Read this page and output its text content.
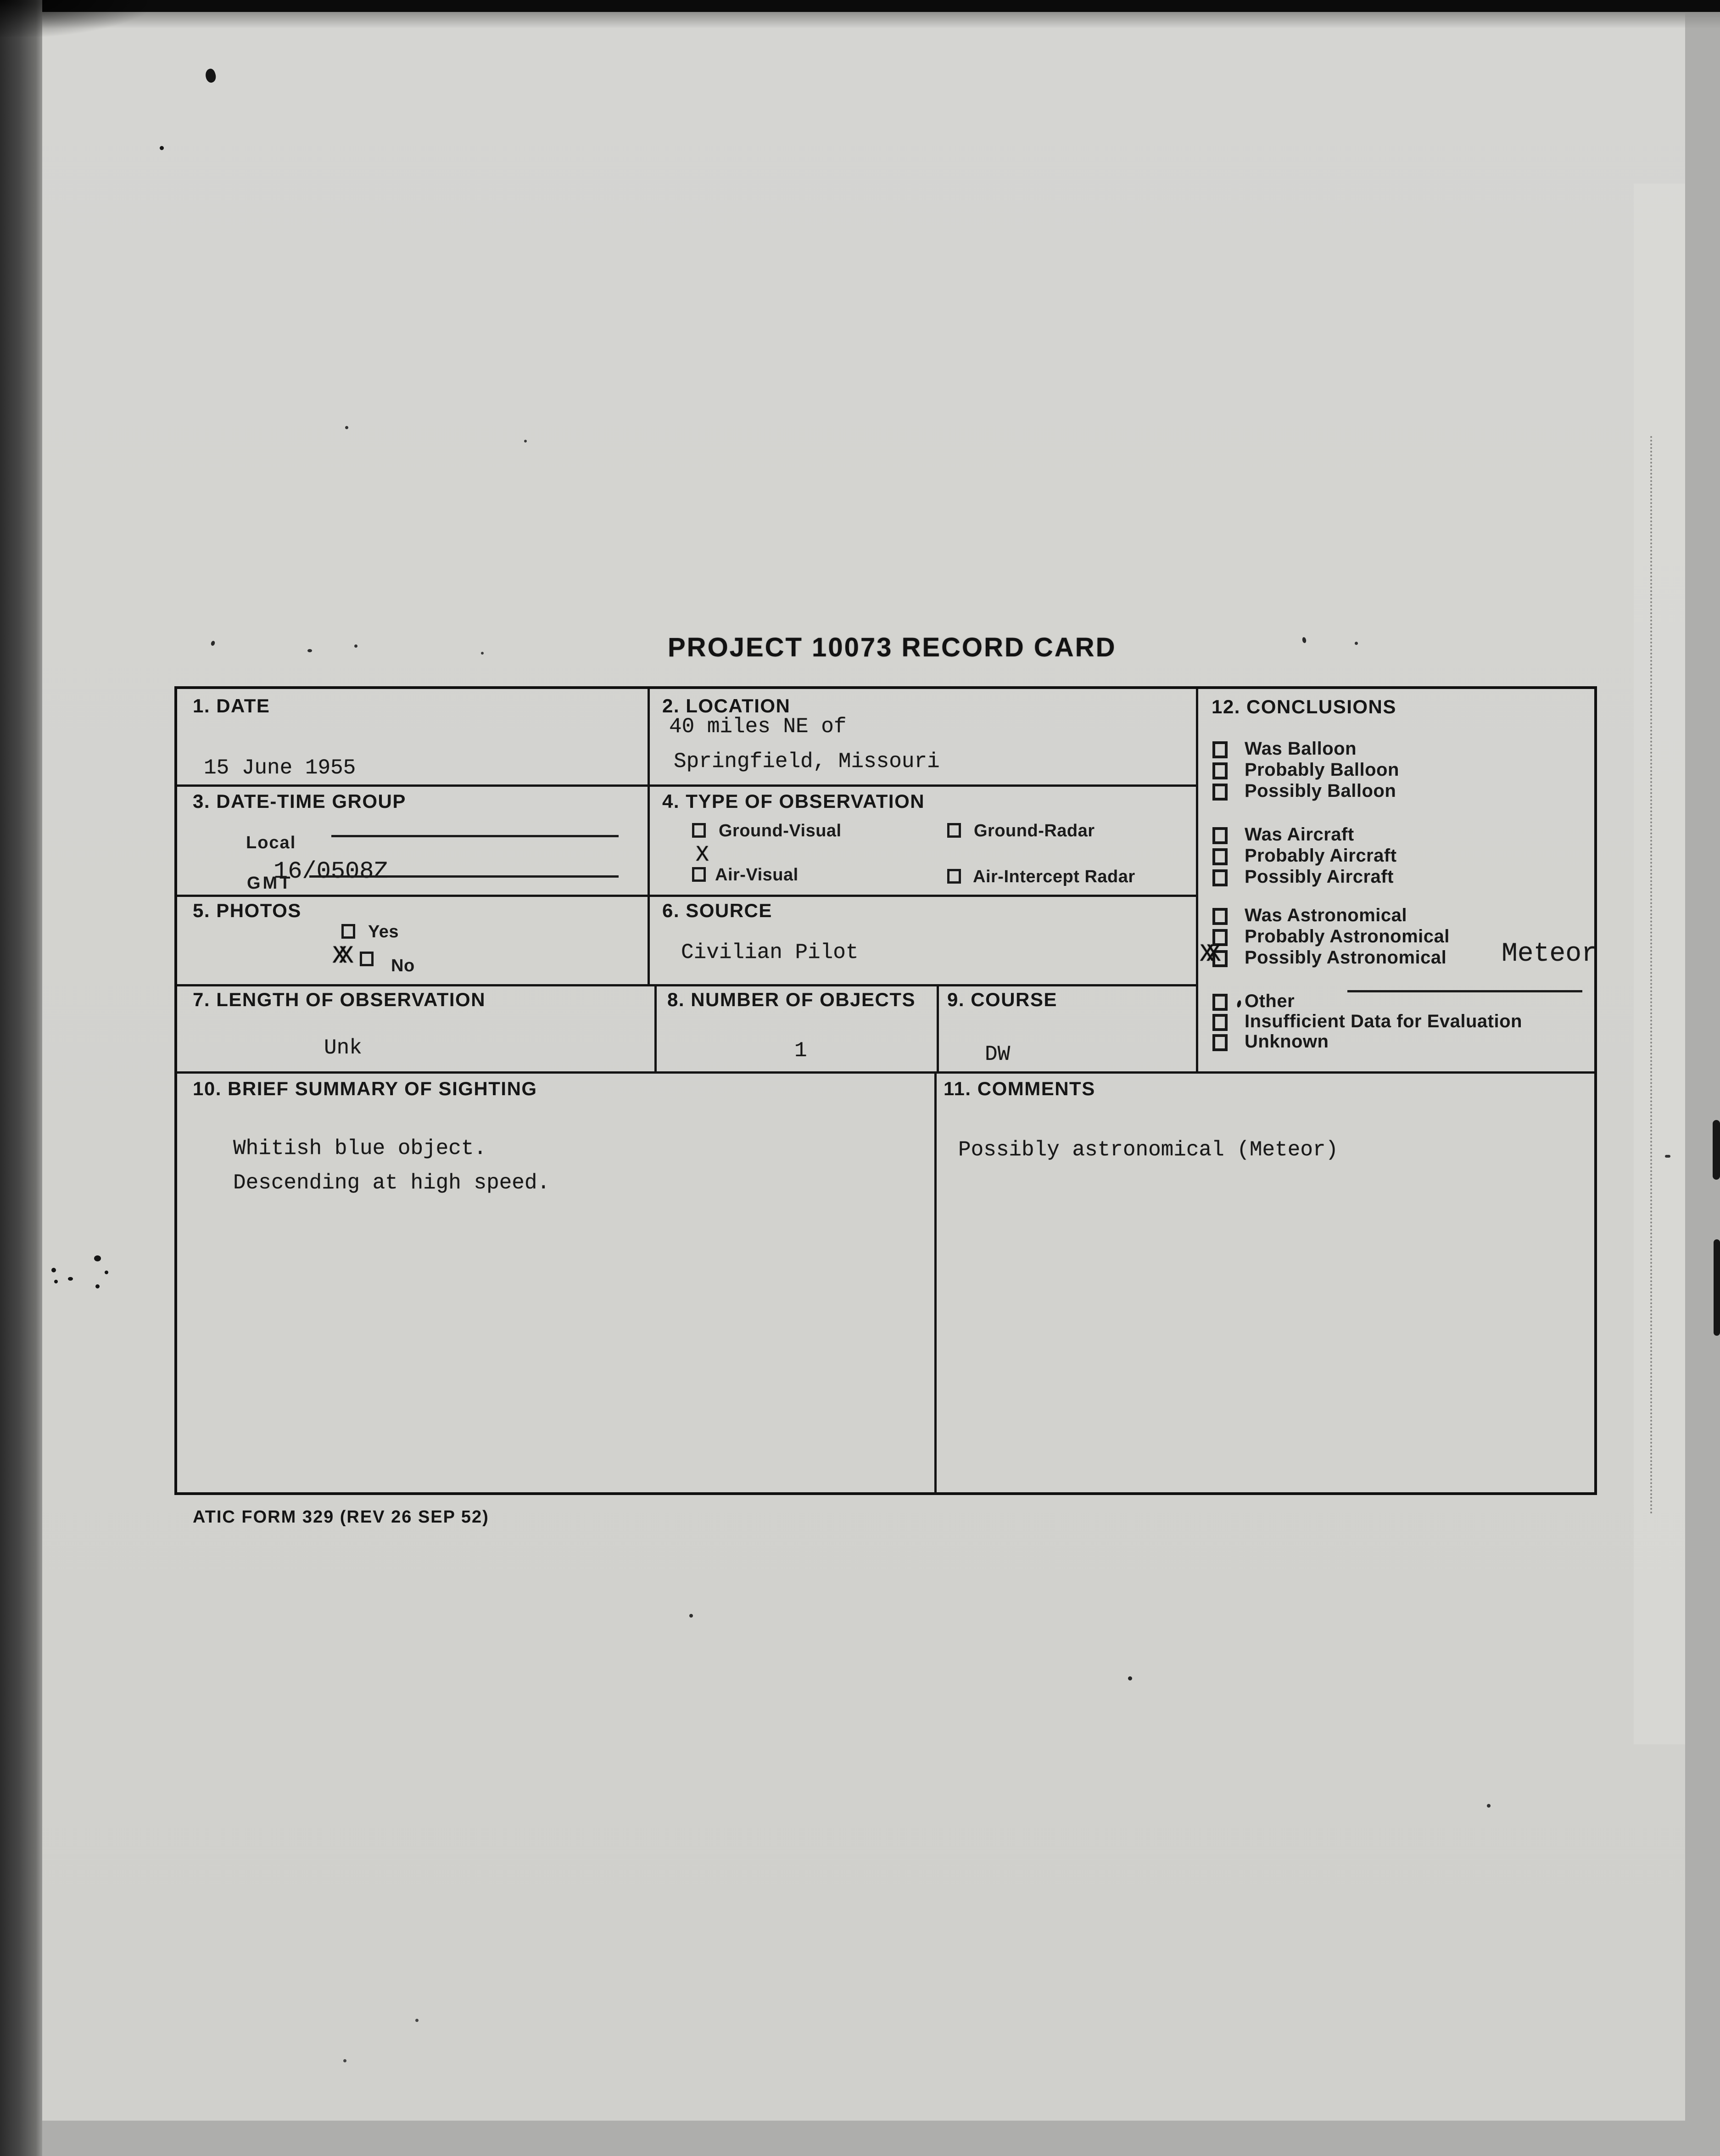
PROJECT 10073 RECORD CARD
ATIC FORM 329 (REV 26 SEP 52)
1. DATE
15 June 1955
2. LOCATION
40 miles NE of
Springfield, Missouri
3. DATE-TIME GROUP
Local
GMT
16/0508Z
4. TYPE OF OBSERVATION
Ground-Visual	Ground-Radar
X
Air-Visual	Air-Intercept Radar
5. PHOTOS
Yes
XX	No
6. SOURCE
Civilian Pilot
7. LENGTH OF OBSERVATION
Unk
8. NUMBER OF OBJECTS
1
9. COURSE
DW
10. BRIEF SUMMARY OF SIGHTING
Whitish blue object.
Descending at high speed.
11. COMMENTS
Possibly astronomical (Meteor)
12. CONCLUSIONS
Was Balloon
Probably Balloon
Possibly Balloon
Was Aircraft
Probably Aircraft
Possibly Aircraft
Was Astronomical
Probably Astronomical
XX Possibly Astronomical Meteor
Other
Insufficient Data for Evaluation
Unknown
